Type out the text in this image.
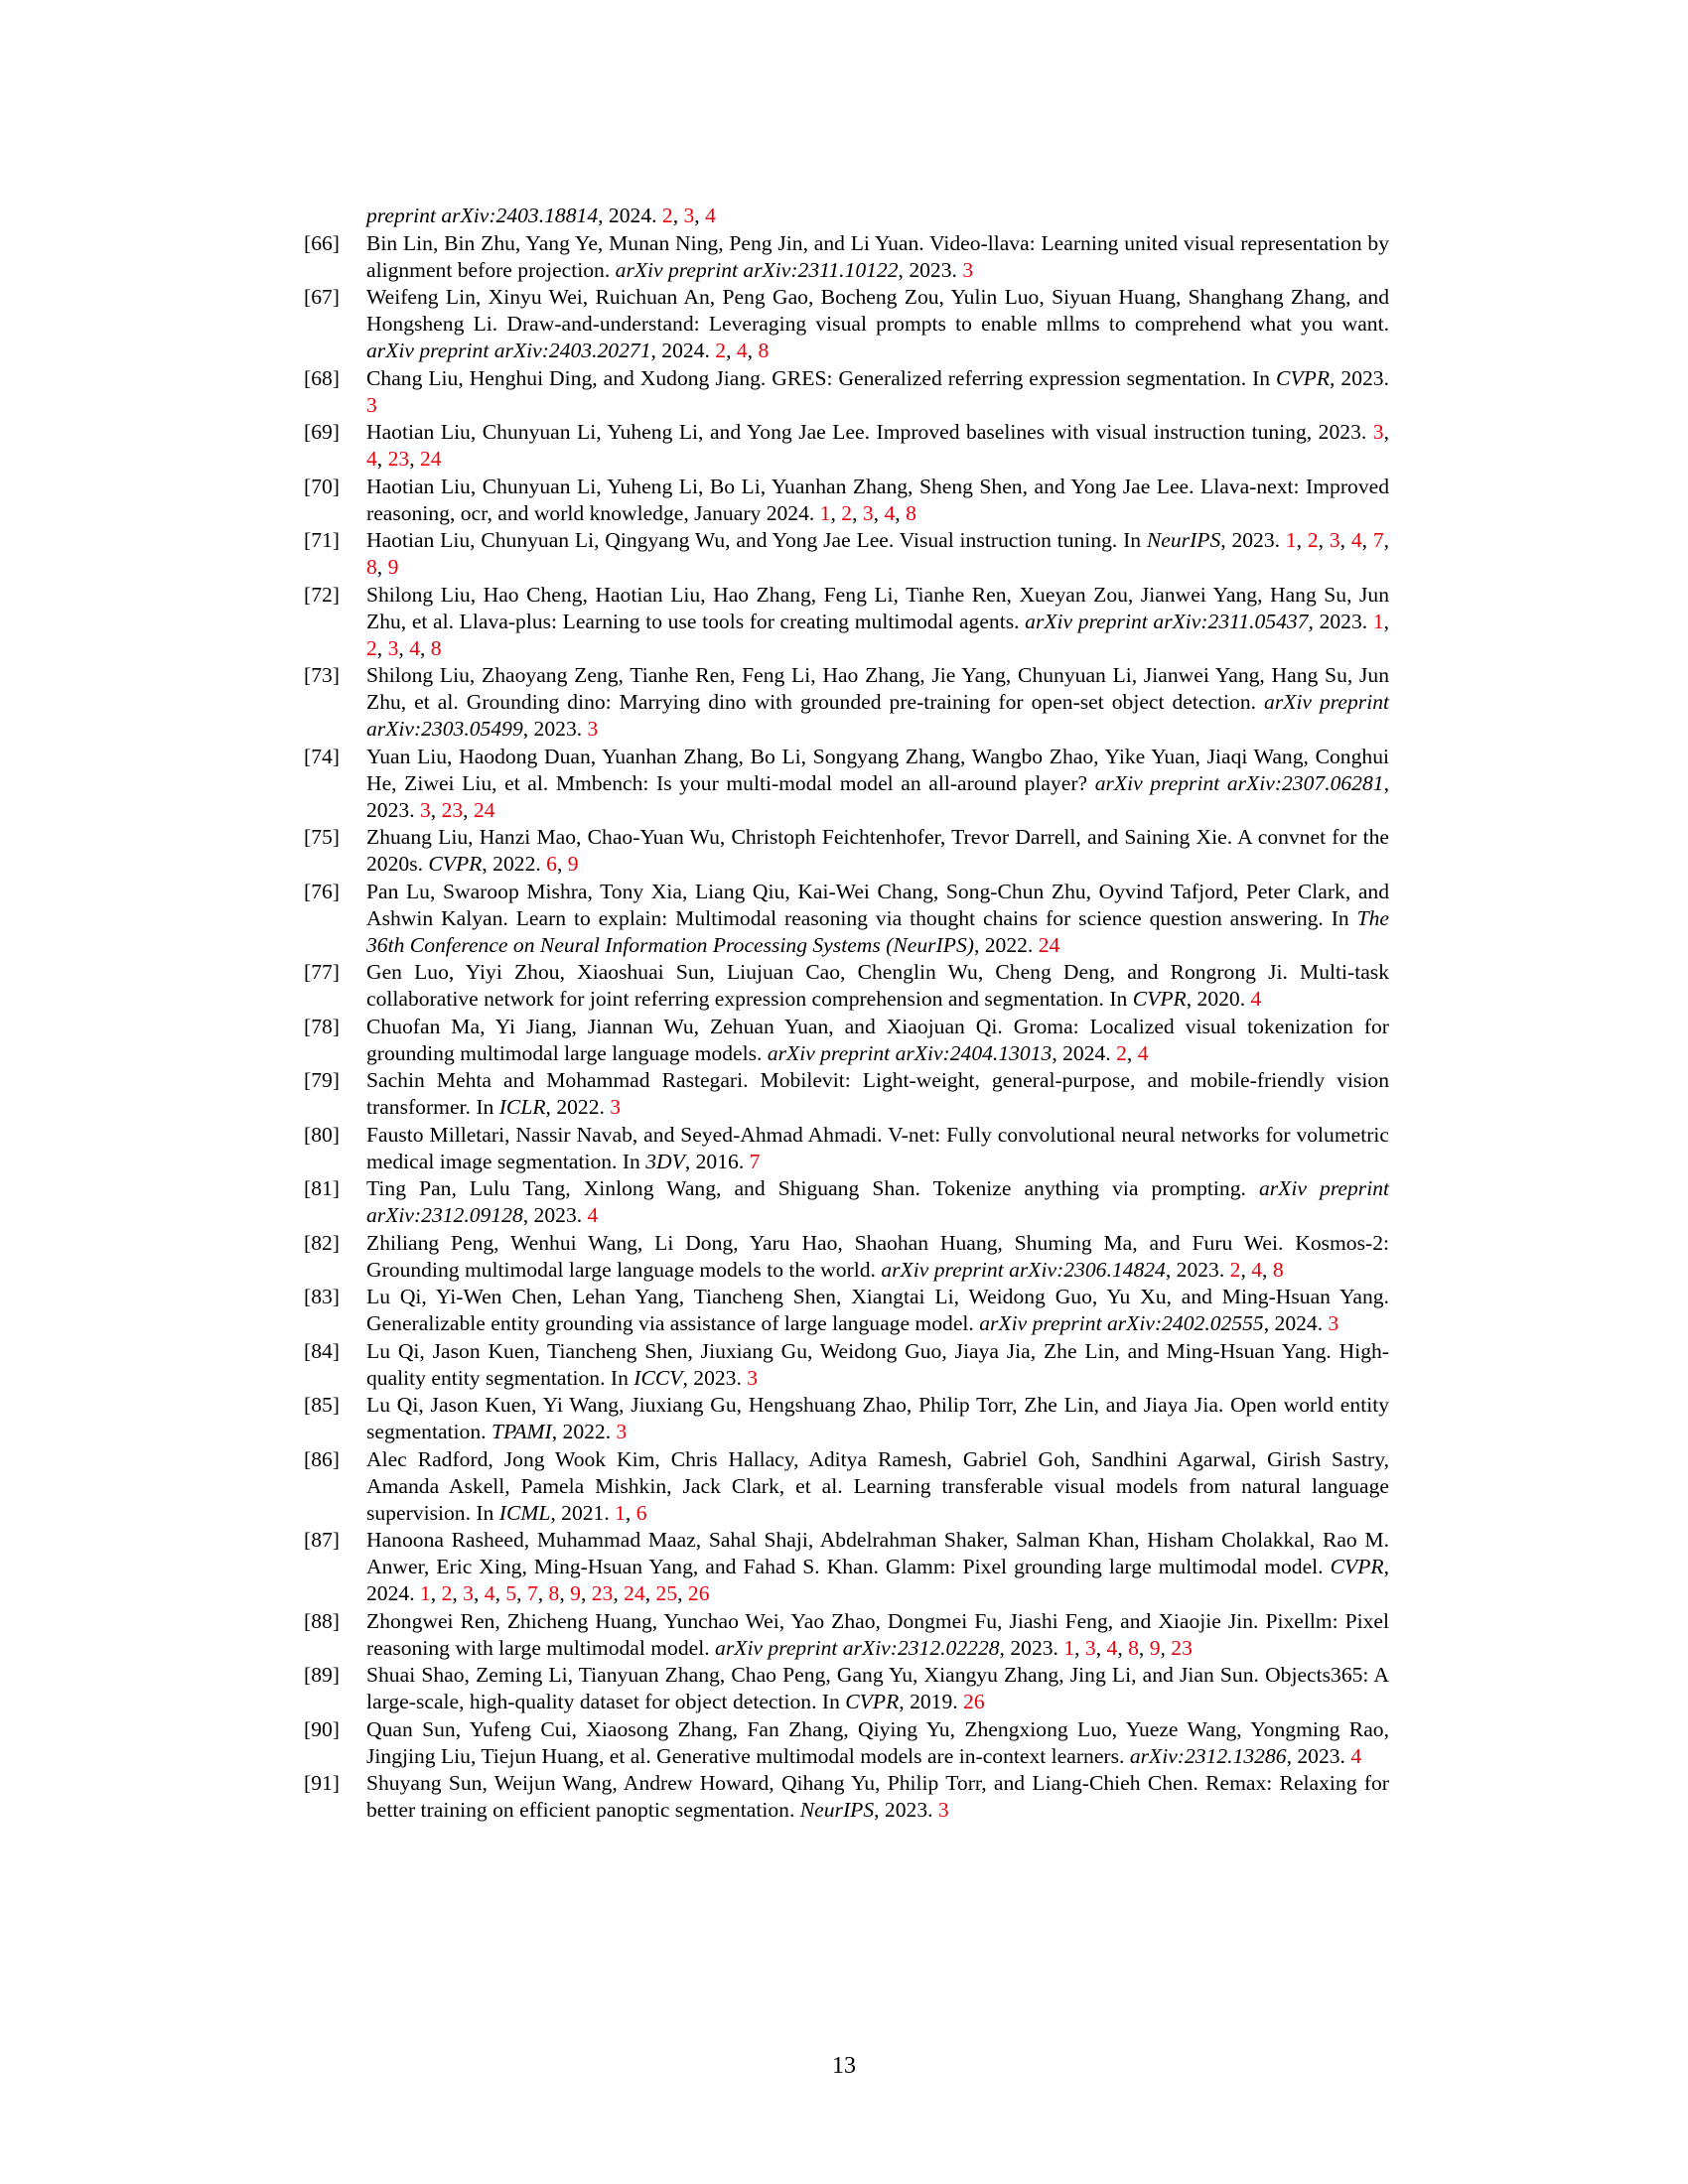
preprint arXiv:2403.18814, 2024. 2, 3, 4
[66]	Bin Lin, Bin Zhu, Yang Ye, Munan Ning, Peng Jin, and Li Yuan. Video-llava: Learning united visual representation by alignment before projection. arXiv preprint arXiv:2311.10122, 2023. 3
[67]	Weifeng Lin, Xinyu Wei, Ruichuan An, Peng Gao, Bocheng Zou, Yulin Luo, Siyuan Huang, Shanghang Zhang, and Hongsheng Li. Draw-and-understand: Leveraging visual prompts to enable mllms to comprehend what you want. arXiv preprint arXiv:2403.20271, 2024. 2, 4, 8
[68]	Chang Liu, Henghui Ding, and Xudong Jiang. GRES: Generalized referring expression segmentation. In CVPR, 2023. 3
[69]	Haotian Liu, Chunyuan Li, Yuheng Li, and Yong Jae Lee. Improved baselines with visual instruction tuning, 2023. 3, 4, 23, 24
[70]	Haotian Liu, Chunyuan Li, Yuheng Li, Bo Li, Yuanhan Zhang, Sheng Shen, and Yong Jae Lee. Llava-next: Improved reasoning, ocr, and world knowledge, January 2024. 1, 2, 3, 4, 8
[71]	Haotian Liu, Chunyuan Li, Qingyang Wu, and Yong Jae Lee. Visual instruction tuning. In NeurIPS, 2023. 1, 2, 3, 4, 7, 8, 9
[72]	Shilong Liu, Hao Cheng, Haotian Liu, Hao Zhang, Feng Li, Tianhe Ren, Xueyan Zou, Jianwei Yang, Hang Su, Jun Zhu, et al. Llava-plus: Learning to use tools for creating multimodal agents. arXiv preprint arXiv:2311.05437, 2023. 1, 2, 3, 4, 8
[73]	Shilong Liu, Zhaoyang Zeng, Tianhe Ren, Feng Li, Hao Zhang, Jie Yang, Chunyuan Li, Jianwei Yang, Hang Su, Jun Zhu, et al. Grounding dino: Marrying dino with grounded pre-training for open-set object detection. arXiv preprint arXiv:2303.05499, 2023. 3
[74]	Yuan Liu, Haodong Duan, Yuanhan Zhang, Bo Li, Songyang Zhang, Wangbo Zhao, Yike Yuan, Jiaqi Wang, Conghui He, Ziwei Liu, et al. Mmbench: Is your multi-modal model an all-around player? arXiv preprint arXiv:2307.06281, 2023. 3, 23, 24
[75]	Zhuang Liu, Hanzi Mao, Chao-Yuan Wu, Christoph Feichtenhofer, Trevor Darrell, and Saining Xie. A convnet for the 2020s. CVPR, 2022. 6, 9
[76]	Pan Lu, Swaroop Mishra, Tony Xia, Liang Qiu, Kai-Wei Chang, Song-Chun Zhu, Oyvind Tafjord, Peter Clark, and Ashwin Kalyan. Learn to explain: Multimodal reasoning via thought chains for science question answering. In The 36th Conference on Neural Information Processing Systems (NeurIPS), 2022. 24
[77]	Gen Luo, Yiyi Zhou, Xiaoshuai Sun, Liujuan Cao, Chenglin Wu, Cheng Deng, and Rongrong Ji. Multi-task collaborative network for joint referring expression comprehension and segmentation. In CVPR, 2020. 4
[78]	Chuofan Ma, Yi Jiang, Jiannan Wu, Zehuan Yuan, and Xiaojuan Qi. Groma: Localized visual tokenization for grounding multimodal large language models. arXiv preprint arXiv:2404.13013, 2024. 2, 4
[79]	Sachin Mehta and Mohammad Rastegari. Mobilevit: Light-weight, general-purpose, and mobile-friendly vision transformer. In ICLR, 2022. 3
[80]	Fausto Milletari, Nassir Navab, and Seyed-Ahmad Ahmadi. V-net: Fully convolutional neural networks for volumetric medical image segmentation. In 3DV, 2016. 7
[81]	Ting Pan, Lulu Tang, Xinlong Wang, and Shiguang Shan. Tokenize anything via prompting. arXiv preprint arXiv:2312.09128, 2023. 4
[82]	Zhiliang Peng, Wenhui Wang, Li Dong, Yaru Hao, Shaohan Huang, Shuming Ma, and Furu Wei. Kosmos-2: Grounding multimodal large language models to the world. arXiv preprint arXiv:2306.14824, 2023. 2, 4, 8
[83]	Lu Qi, Yi-Wen Chen, Lehan Yang, Tiancheng Shen, Xiangtai Li, Weidong Guo, Yu Xu, and Ming-Hsuan Yang. Generalizable entity grounding via assistance of large language model. arXiv preprint arXiv:2402.02555, 2024. 3
[84]	Lu Qi, Jason Kuen, Tiancheng Shen, Jiuxiang Gu, Weidong Guo, Jiaya Jia, Zhe Lin, and Ming-Hsuan Yang. High-quality entity segmentation. In ICCV, 2023. 3
[85]	Lu Qi, Jason Kuen, Yi Wang, Jiuxiang Gu, Hengshuang Zhao, Philip Torr, Zhe Lin, and Jiaya Jia. Open world entity segmentation. TPAMI, 2022. 3
[86]	Alec Radford, Jong Wook Kim, Chris Hallacy, Aditya Ramesh, Gabriel Goh, Sandhini Agarwal, Girish Sastry, Amanda Askell, Pamela Mishkin, Jack Clark, et al. Learning transferable visual models from natural language supervision. In ICML, 2021. 1, 6
[87]	Hanoona Rasheed, Muhammad Maaz, Sahal Shaji, Abdelrahman Shaker, Salman Khan, Hisham Cholakkal, Rao M. Anwer, Eric Xing, Ming-Hsuan Yang, and Fahad S. Khan. Glamm: Pixel grounding large multimodal model. CVPR, 2024. 1, 2, 3, 4, 5, 7, 8, 9, 23, 24, 25, 26
[88]	Zhongwei Ren, Zhicheng Huang, Yunchao Wei, Yao Zhao, Dongmei Fu, Jiashi Feng, and Xiaojie Jin. Pixellm: Pixel reasoning with large multimodal model. arXiv preprint arXiv:2312.02228, 2023. 1, 3, 4, 8, 9, 23
[89]	Shuai Shao, Zeming Li, Tianyuan Zhang, Chao Peng, Gang Yu, Xiangyu Zhang, Jing Li, and Jian Sun. Objects365: A large-scale, high-quality dataset for object detection. In CVPR, 2019. 26
[90]	Quan Sun, Yufeng Cui, Xiaosong Zhang, Fan Zhang, Qiying Yu, Zhengxiong Luo, Yueze Wang, Yongming Rao, Jingjing Liu, Tiejun Huang, et al. Generative multimodal models are in-context learners. arXiv:2312.13286, 2023. 4
[91]	Shuyang Sun, Weijun Wang, Andrew Howard, Qihang Yu, Philip Torr, and Liang-Chieh Chen. Remax: Relaxing for better training on efficient panoptic segmentation. NeurIPS, 2023. 3
13
